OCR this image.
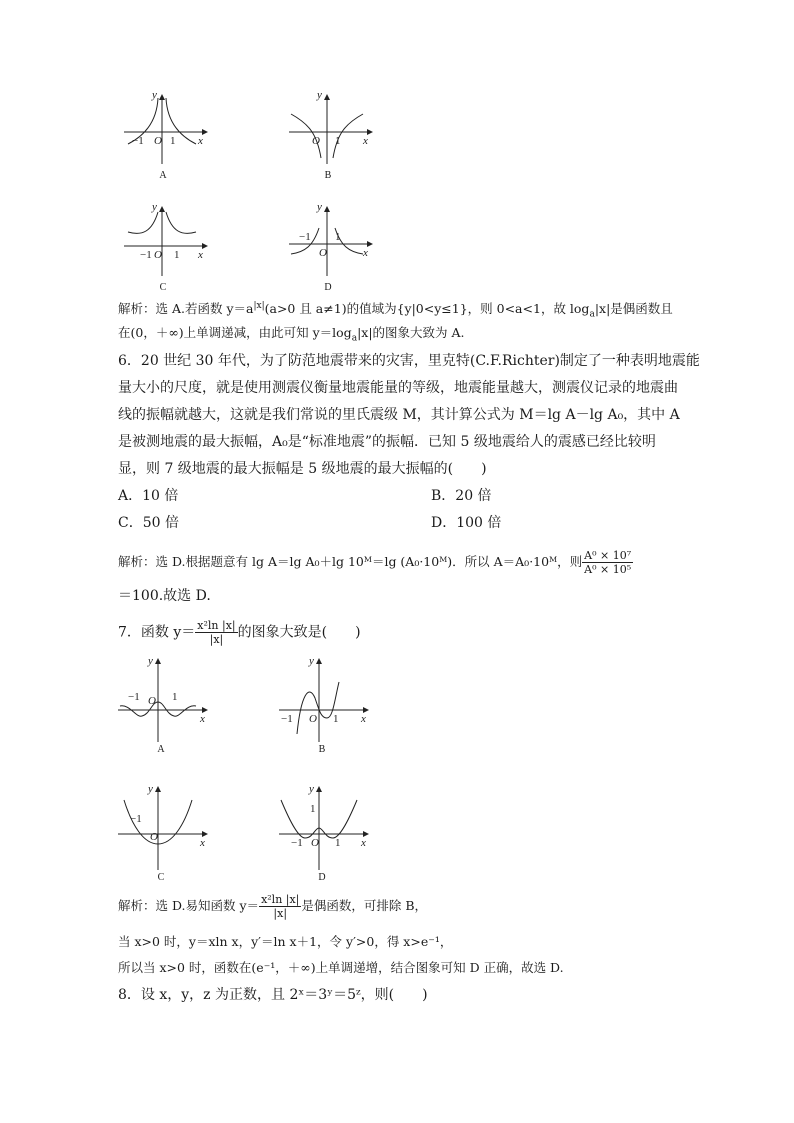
y
x
O
−1 1
A
y
x
O 1
B
y
x
O
−1 1
C
y
x
O
−1 1
D
解析：选 A.若函数 $y=a^{|x|}(a>0$ 且 a≠1)的值域为{y|0<y≤1}，则 0<a<1，故 $\log_a|x|$是偶函数且
在(0，＋∞)上单调递减，由此可知 $y=\log_a|x|$的图象大致为 A.
6．20 世纪 30 年代，为了防范地震带来的灾害，里克特(C.F.Richter)制定了一种表明地震能
量大小的尺度，就是使用测震仪衡量地震能量的等级，地震能量越大，测震仪记录的地震曲
线的振幅就越大，这就是我们常说的里氏震级 M，其计算公式为 M＝lg A－lg A₀，其中 A
是被测地震的最大振幅，A₀是“标准地震”的振幅．已知 5 级地震给人的震感已经比较明
显，则 7 级地震的最大振幅是 5 级地震的最大振幅的(　　)
A．10 倍	B．20 倍
C．50 倍	D．100 倍
解析：选 D.根据题意有 lg A＝lg A₀＋lg 10ᴹ＝lg (A₀·10ᴹ)．所以 A＝A₀·10ᴹ，则 $\frac{\text{A⁰ × 10⁷}}{\text{A⁰ × 10⁵}}$
＝100.故选 D.
7．函数 $y= \frac{\text{x²ln |x|}}{|x|}$ 的图象大致是(　　)
y
x
O
−1	1
A
y
x
O
−1	1
B
y
x
O
−1
C
y
x
O
−1	1
1
D
解析：选 D.易知函数 $y= \frac{\text{x²ln |x|}}{|x|}$ 是偶函数，可排除 B，
当 x>0 时，y＝xln x，y′＝ln x＋1，令 y′>0，得 x>e⁻¹，
所以当 x>0 时，函数在(e⁻¹，＋∞)上单调递增，结合图象可知 D 正确，故选 D.
8．设 x，y，z 为正数，且 2ˣ＝3ʸ＝5ᶻ，则(　　)
